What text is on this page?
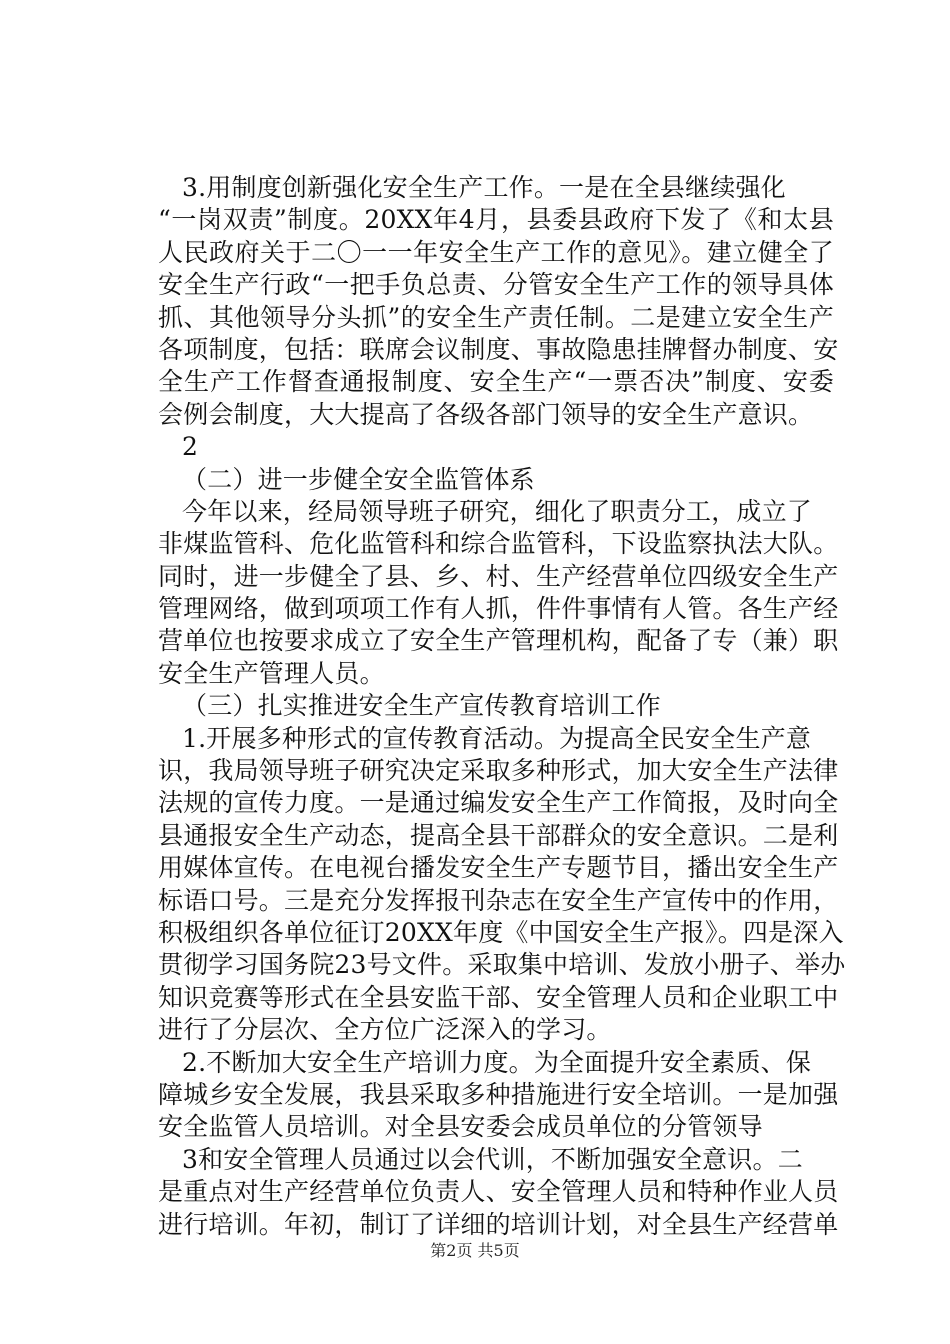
3.用制度创新强化安全生产工作。一是在全县继续强化
“一岗双责”制度。20XX年4月，县委县政府下发了《和太县
人民政府关于二〇一一年安全生产工作的意见》。建立健全了
安全生产行政“一把手负总责、分管安全生产工作的领导具体
抓、其他领导分头抓”的安全生产责任制。二是建立安全生产
各项制度，包括：联席会议制度、事故隐患挂牌督办制度、安
全生产工作督查通报制度、安全生产“一票否决”制度、安委
会例会制度，大大提高了各级各部门领导的安全生产意识。
2
（二）进一步健全安全监管体系
今年以来，经局领导班子研究，细化了职责分工，成立了
非煤监管科、危化监管科和综合监管科，下设监察执法大队。
同时，进一步健全了县、乡、村、生产经营单位四级安全生产
管理网络，做到项项工作有人抓，件件事情有人管。各生产经
营单位也按要求成立了安全生产管理机构，配备了专（兼）职
安全生产管理人员。
（三）扎实推进安全生产宣传教育培训工作
1.开展多种形式的宣传教育活动。为提高全民安全生产意
识，我局领导班子研究决定采取多种形式，加大安全生产法律
法规的宣传力度。一是通过编发安全生产工作简报，及时向全
县通报安全生产动态，提高全县干部群众的安全意识。二是利
用媒体宣传。在电视台播发安全生产专题节目，播出安全生产
标语口号。三是充分发挥报刊杂志在安全生产宣传中的作用，
积极组织各单位征订20XX年度《中国安全生产报》。四是深入
贯彻学习国务院23号文件。采取集中培训、发放小册子、举办
知识竞赛等形式在全县安监干部、安全管理人员和企业职工中
进行了分层次、全方位广泛深入的学习。
2.不断加大安全生产培训力度。为全面提升安全素质、保
障城乡安全发展，我县采取多种措施进行安全培训。一是加强
安全监管人员培训。对全县安委会成员单位的分管领导
3和安全管理人员通过以会代训，不断加强安全意识。二
是重点对生产经营单位负责人、安全管理人员和特种作业人员
进行培训。年初，制订了详细的培训计划，对全县生产经营单
第2页 共5页
